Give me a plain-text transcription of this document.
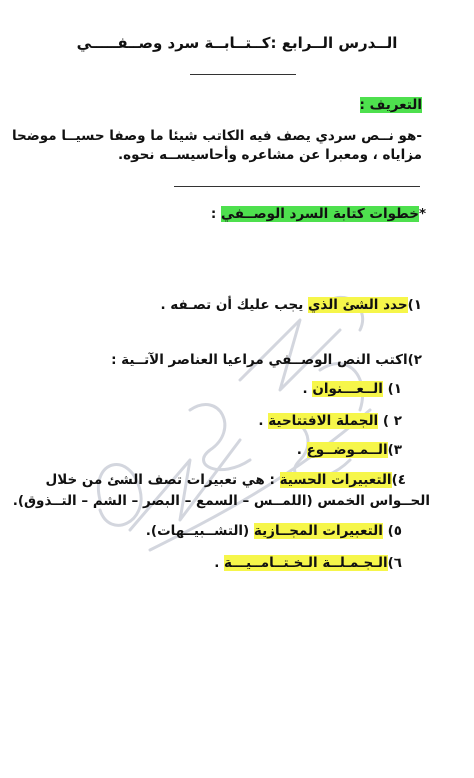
الــدرس الــرابع :كــتــابــة سرد وصــفـــــي
التعريف :
-هو نــص سردي يصف فيه الكاتب شيئا ما وصفا حسيــا موضحا
مزاياه ، ومعبرا عن مشاعره وأحاسيســه نحوه.
*خطوات كتابة السرد الوصــفي :
١)حدد الشئ الذي يجب عليك أن تصـفه .
٢)اكتب النص الوصــفي مراعيا العناصر الآتــية :
١) الــعـــنوان .
٢ ) الجملة الافتتاحية .
٣)الــمـوضــوع .
٤)التعبيرات الحسية : هي تعبيرات تصف الشئ من خلال
الحــواس الخمس (اللمــس – السمع – البصر – الشم – التــذوق).
٥) التعبيرات المجــازية (التشــبيــهات).
٦)الـجـمـلــة الـخـتــامــيـــة .
